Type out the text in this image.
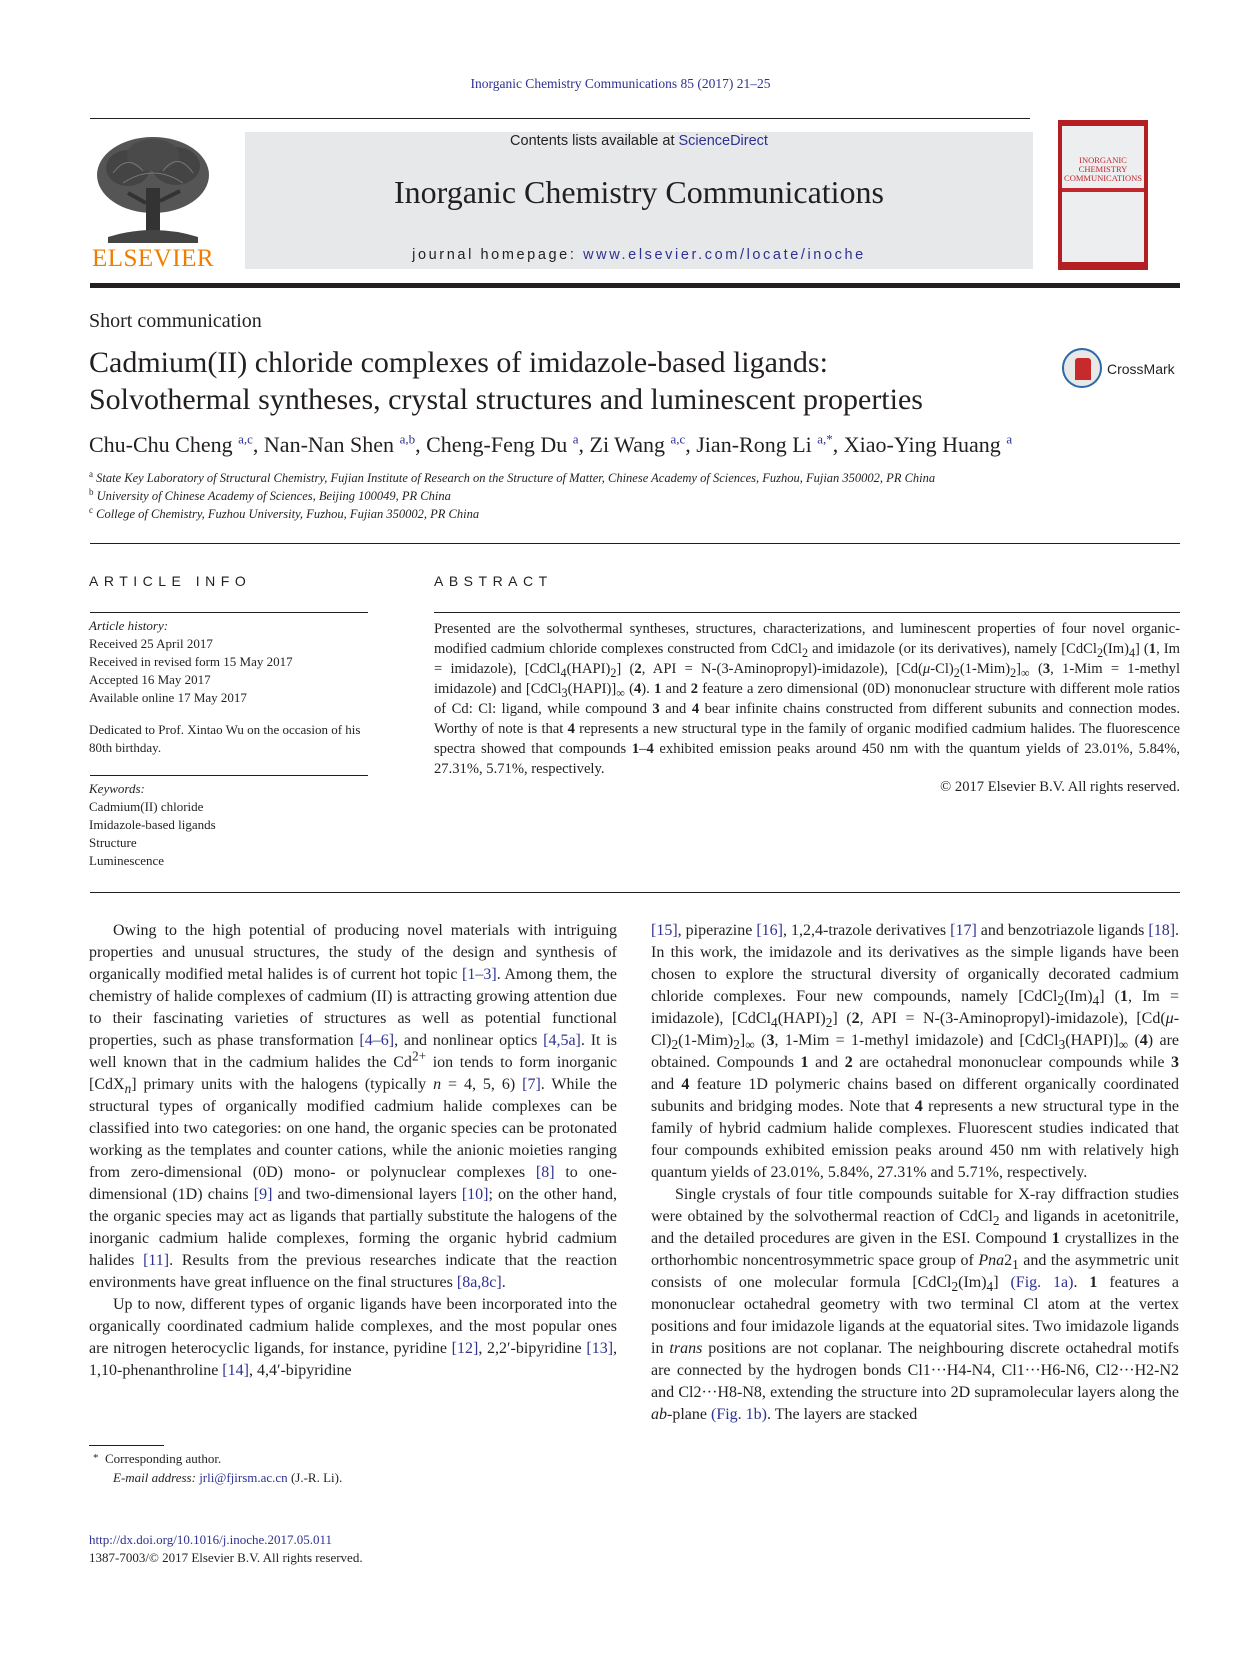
Inorganic Chemistry Communications 85 (2017) 21–25
ELSEVIER
Contents lists available at ScienceDirect
Inorganic Chemistry Communications
journal homepage: www.elsevier.com/locate/inoche
INORGANIC CHEMISTRY COMMUNICATIONS
Short communication
Cadmium(II) chloride complexes of imidazole-based ligands:
Solvothermal syntheses, crystal structures and luminescent properties
CrossMark
Chu-Chu Cheng $^{a,c}$, Nan-Nan Shen $^{a,b}$, Cheng-Feng Du $^a$, Zi Wang $^{a,c}$, Jian-Rong Li $^{a,*}$, Xiao-Ying Huang $^a$
$^a$ State Key Laboratory of Structural Chemistry, Fujian Institute of Research on the Structure of Matter, Chinese Academy of Sciences, Fuzhou, Fujian 350002, PR China
$^b$ University of Chinese Academy of Sciences, Beijing 100049, PR China
$^c$ College of Chemistry, Fuzhou University, Fuzhou, Fujian 350002, PR China
ARTICLE INFO
Article history:
Received 25 April 2017
Received in revised form 15 May 2017
Accepted 16 May 2017
Available online 17 May 2017
Dedicated to Prof. Xintao Wu on the occasion of his 80th birthday.
Keywords:
Cadmium(II) chloride
Imidazole-based ligands
Structure
Luminescence
ABSTRACT
Presented are the solvothermal syntheses, structures, characterizations, and luminescent properties of four novel organic-modified cadmium chloride complexes constructed from CdCl$_2$ and imidazole (or its derivatives), namely $[CdCl_2(Im)_4]$ (1, Im = imidazole), $[CdCl_4(HAPI)_2]$ (2, API = N-(3-Aminopropyl)-imidazole), $[Cd(\mu-Cl)_2(1-Mim)_2]_\infty$ (3, 1-Mim = 1-methyl imidazole) and $[CdCl_3(HAPI)]_\infty$ (4). 1 and 2 feature a zero dimensional (0D) mononuclear structure with different mole ratios of Cd: Cl: ligand, while compound 3 and 4 bear infinite chains constructed from different subunits and connection modes. Worthy of note is that 4 represents a new structural type in the family of organic modified cadmium halides. The fluorescence spectra showed that compounds 1–4 exhibited emission peaks around 450 nm with the quantum yields of 23.01%, 5.84%, 27.31%, 5.71%, respectively.
© 2017 Elsevier B.V. All rights reserved.

Owing to the high potential of producing novel materials with intriguing properties and unusual structures, the study of the design and synthesis of organically modified metal halides is of current hot topic [1–3]. Among them, the chemistry of halide complexes of cadmium (II) is attracting growing attention due to their fascinating varieties of structures as well as potential functional properties, such as phase transformation [4–6], and nonlinear optics [4,5a]. It is well known that in the cadmium halides the $Cd^{2+}$ ion tends to form inorganic [CdX$_n$] primary units with the halogens (typically n = 4, 5, 6) [7]. While the structural types of organically modified cadmium halide complexes can be classified into two categories: on one hand, the organic species can be protonated working as the templates and counter cations, while the anionic moieties ranging from zero-dimensional (0D) mono- or polynuclear complexes [8] to one-dimensional (1D) chains [9] and two-dimensional layers [10]; on the other hand, the organic species may act as ligands that partially substitute the halogens of the inorganic cadmium halide complexes, forming the organic hybrid cadmium halides [11]. Results from the previous researches indicate that the reaction environments have great influence on the final structures [8a,8c].

Up to now, different types of organic ligands have been incorporated into the organically coordinated cadmium halide complexes, and the most popular ones are nitrogen heterocyclic ligands, for instance, pyridine [12], 2,2′-bipyridine [13], 1,10-phenanthroline [14], 4,4′-bipyridine

[15], piperazine [16], 1,2,4-trazole derivatives [17] and benzotriazole ligands [18]. In this work, the imidazole and its derivatives as the simple ligands have been chosen to explore the structural diversity of organically decorated cadmium chloride complexes. Four new compounds, namely $[CdCl_2(Im)_4]$ (1, Im = imidazole), $[CdCl_4(HAPI)_2]$ (2, API = N-(3-Aminopropyl)-imidazole), $[Cd(\mu-Cl)_2(1-Mim)_2]_\infty$ (3, 1-Mim = 1-methyl imidazole) and $[CdCl_3(HAPI)]_\infty$ (4) are obtained. Compounds 1 and 2 are octahedral mononuclear compounds while 3 and 4 feature 1D polymeric chains based on different organically coordinated subunits and bridging modes. Note that 4 represents a new structural type in the family of hybrid cadmium halide complexes. Fluorescent studies indicated that four compounds exhibited emission peaks around 450 nm with relatively high quantum yields of 23.01%, 5.84%, 27.31% and 5.71%, respectively.

Single crystals of four title compounds suitable for X-ray diffraction studies were obtained by the solvothermal reaction of CdCl$_2$ and ligands in acetonitrile, and the detailed procedures are given in the ESI. Compound 1 crystallizes in the orthorhombic noncentrosymmetric space group of $Pna2_1$ and the asymmetric unit consists of one molecular formula $[CdCl_2(Im)_4]$ (Fig. 1a). 1 features a mononuclear octahedral geometry with two terminal Cl atom at the vertex positions and four imidazole ligands at the equatorial sites. Two imidazole ligands in trans positions are not coplanar. The neighbouring discrete octahedral motifs are connected by the hydrogen bonds Cl1···H4-N4, Cl1···H6-N6, Cl2···H2-N2 and Cl2···H8-N8, extending the structure into 2D supramolecular layers along the ab-plane (Fig. 1b). The layers are stacked

* Corresponding author.
E-mail address: jrli@fjirsm.ac.cn (J.-R. Li).
http://dx.doi.org/10.1016/j.inoche.2017.05.011
1387-7003/© 2017 Elsevier B.V. All rights reserved.
